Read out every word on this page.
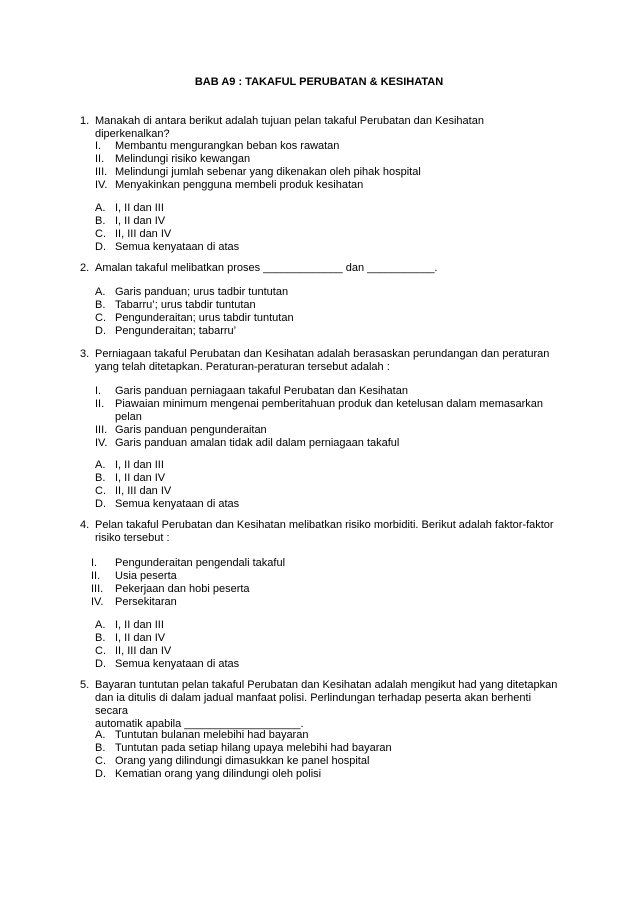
BAB A9 : TAKAFUL PERUBATAN & KESIHATAN
1. Manakah di antara berikut adalah tujuan pelan takaful Perubatan dan Kesihatan diperkenalkan?
I. Membantu mengurangkan beban kos rawatan
II. Melindungi risiko kewangan
III. Melindungi jumlah sebenar yang dikenakan oleh pihak hospital
IV. Menyakinkan pengguna membeli produk kesihatan
A. I, II dan III
B. I, II dan IV
C. II, III dan IV
D. Semua kenyataan di atas
2. Amalan takaful melibatkan proses _____________ dan ___________.
A. Garis panduan; urus tadbir tuntutan
B. Tabarru’; urus tabdir tuntutan
C. Pengunderaitan; urus tabdir tuntutan
D. Pengunderaitan; tabarru’
3. Perniagaan takaful Perubatan dan Kesihatan adalah berasaskan perundangan dan peraturan
yang telah ditetapkan. Peraturan-peraturan tersebut adalah :
I. Garis panduan perniagaan takaful Perubatan dan Kesihatan
II. Piawaian minimum mengenai pemberitahuan produk dan ketelusan dalam memasarkan
pelan
III. Garis panduan pengunderaitan
IV. Garis panduan amalan tidak adil dalam perniagaan takaful
A. I, II dan III
B. I, II dan IV
C. II, III dan IV
D. Semua kenyataan di atas
4. Pelan takaful Perubatan dan Kesihatan melibatkan risiko morbiditi. Berikut adalah faktor-faktor
risiko tersebut :
I. Pengunderaitan pengendali takaful
II. Usia peserta
III. Pekerjaan dan hobi peserta
IV. Persekitaran
A. I, II dan III
B. I, II dan IV
C. II, III dan IV
D. Semua kenyataan di atas
5. Bayaran tuntutan pelan takaful Perubatan dan Kesihatan adalah mengikut had yang ditetapkan
dan ia ditulis di dalam jadual manfaat polisi. Perlindungan terhadap peserta akan berhenti secara
automatik apabila ___________________.
A. Tuntutan bulanan melebihi had bayaran
B. Tuntutan pada setiap hilang upaya melebihi had bayaran
C. Orang yang dilindungi dimasukkan ke panel hospital
D. Kematian orang yang dilindungi oleh polisi
